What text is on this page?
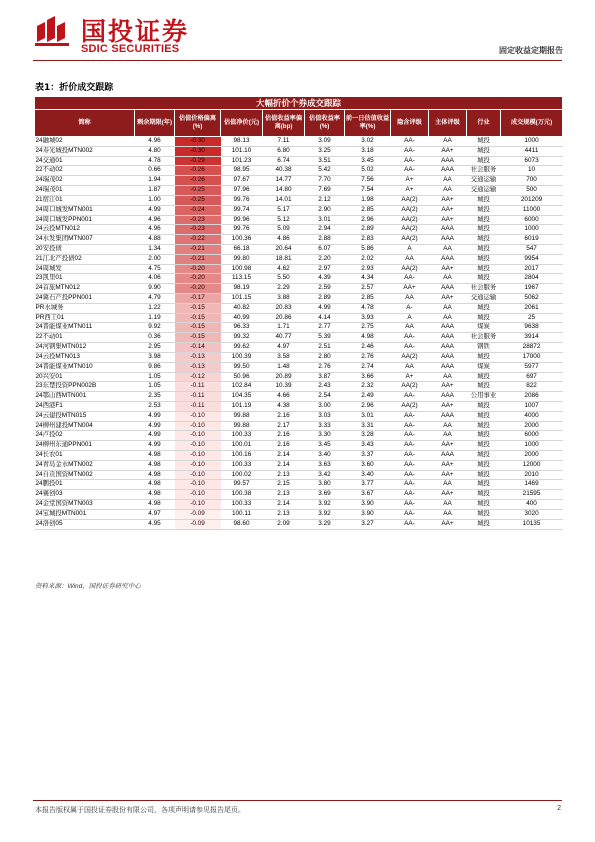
国投证券
SDIC SECURITIES	固定收益定期报告
表1：折价成交跟踪
大幅折价个券成交跟踪										
简称	剩余期限(年)	估值价格偏离(%)	估值净价(元)	估值收益率偏离(bp)	估值收益率(%)	前一日估值收益率(%)	隐含评级	主体评级	行业	成交规模(万元)
24融城02	4.96	-0.30	98.13	7.11	3.09	3.02	AA-	AA	城投	1000
24寿光城投MTN002	4.80	-0.30	101.10	6.80	3.25	3.18	AA-	AA+	城投	4411
24交通01	4.78	-0.29	101.23	6.74	3.51	3.45	AA-	AAA	城投	6073
22不动02	0.66	-0.26	98.95	40.38	5.42	5.02	AA-	AAA	社会服务	10
24瑞茂02	1.94	-0.26	97.67	14.77	7.70	7.56	A+	AA	交通运输	700
24瑞茂01	1.87	-0.25	97.96	14.80	7.69	7.54	A+	AA	交通运输	500
21宿江01	1.00	-0.25	99.76	14.01	2.12	1.98	AA(2)	AA+	城投	201209
24周口城发MTN001	4.99	-0.24	99.74	5.17	2.90	2.85	AA(2)	AA+	城投	11000
24周口城发PPN001	4.96	-0.23	99.96	5.12	3.01	2.96	AA(2)	AA+	城投	6000
24云投MTN012	4.96	-0.23	99.76	5.09	2.94	2.89	AA(2)	AAA	城投	1000
24水发集团MTN007	4.88	-0.22	100.36	4.86	2.88	2.83	AA(2)	AAA	城投	6019
20安投债	1.34	-0.21	66.18	20.64	6.07	5.86	A	AA	城投	547
21江北产投债02	2.00	-0.21	99.80	18.81	2.20	2.02	AA	AAA	城投	9954
24周城发	4.75	-0.20	100.98	4.62	2.97	2.93	AA(2)	AA+	城投	2017
23凯里01	4.06	-0.20	113.15	5.50	4.39	4.34	AA-	AA	城投	2804
24首旅MTN012	9.90	-0.20	98.19	2.29	2.59	2.57	AA+	AAA	社会服务	1967
24冀石产投PPN001	4.79	-0.17	101.15	3.88	2.89	2.85	AA	AA+	交通运输	5062
PR水城务	1.22	-0.15	40.82	20.83	4.99	4.78	A-	AA	城投	2061
PR西工01	1.19	-0.15	40.99	20.86	4.14	3.93	A	AA	城投	25
24晋能煤业MTN011	9.92	-0.15	96.33	1.71	2.77	2.75	AA	AAA	煤炭	9638
22不动01	0.36	-0.15	99.32	40.77	5.39	4.98	AA-	AAA	社会服务	3914
24河钢集MTN012	2.95	-0.14	99.62	4.97	2.51	2.46	AA-	AAA	钢铁	28872
24云投MTN013	3.98	-0.13	100.39	3.58	2.80	2.76	AA(2)	AAA	城投	17000
24晋能煤业MTN010	9.86	-0.13	99.50	1.48	2.76	2.74	AA	AAA	煤炭	5977
20兴安01	1.05	-0.12	50.96	20.89	3.87	3.66	A+	AA	城投	697
23东楚投资PPN002B	1.05	-0.11	102.84	10.39	2.43	2.32	AA(2)	AA+	城投	822
24鄂山西MTN001	2.35	-0.11	104.35	4.66	2.54	2.49	AA-	AAA	公用事业	2086
24西港F1	2.53	-0.11	101.19	4.38	3.00	2.96	AA(2)	AA+	城投	1007
24云建投MTN015	4.99	-0.10	99.88	2.16	3.03	3.01	AA-	AAA	城投	4000
24柳州建投MTN004	4.99	-0.10	99.88	2.17	3.33	3.31	AA-	AA	城投	2000
24卢投02	4.99	-0.10	100.33	2.16	3.30	3.28	AA-	AA	城投	6000
24柳州东通PPN001	4.99	-0.10	100.01	2.16	3.45	3.43	AA-	AA+	城投	1000
24长农01	4.98	-0.10	100.16	2.14	3.40	3.37	AA-	AAA	城投	2000
24青岛金水MTN002	4.98	-0.10	100.33	2.14	3.63	3.60	AA-	AA+	城投	12000
24自贡国资MTN002	4.98	-0.10	100.02	2.13	3.42	3.40	AA-	AA+	城投	2010
24鹏投01	4.98	-0.10	99.57	2.15	3.80	3.77	AA-	AA	城投	1469
24襄创03	4.98	-0.10	100.38	2.13	3.69	3.67	AA-	AA+	城投	21595
24金堂国资MTN003	4.98	-0.10	100.33	2.14	3.92	3.90	AA-	AA	城投	400
24宝城投MTN001	4.97	-0.09	100.11	2.13	3.92	3.90	AA-	AA	城投	3020
24洛创05	4.95	-0.09	98.60	2.09	3.29	3.27	AA-	AA+	城投	10135
资料来源：Wind，国投证券研究中心
本报告版权属于国投证券股份有限公司，各项声明请参见报告尾页。	2
